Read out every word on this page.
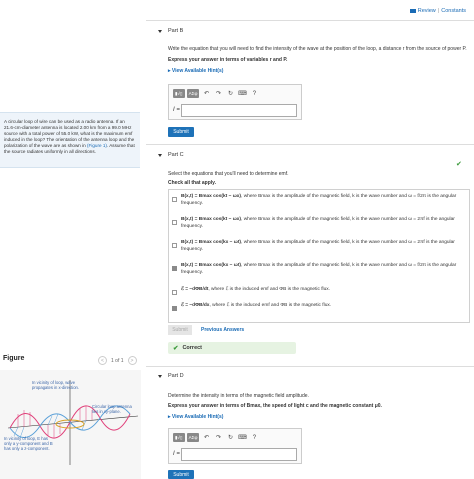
Review | Constants
A circular loop of wire can be used as a radio antenna. If an 21.6-cm-diameter antenna is located 2.00 km from a 99.0 MHz source with a total power of 55.0 kW, what is the maximum emf induced in the loop? The orientation of the antenna loop and the polarization of the wave are as shown in (Figure 1). Assume that the source radiates uniformly in all directions.
Figure	<	1 of 1	>
In vicinity of loop, wave
propagates in x-direction.
Circular loop antenna
lies in xy-plane.
In vicinity of loop, E has
only a y-component and B
has only a z-component.
Part B
Write the equation that you will need to find the intensity of the wave at the position of the loop, a distance r from the source of power P.
Express your answer in terms of variables r and P.
▸ View Available Hint(s)
▮√▯	ΑΣφ	↶	↷	↻ ⌨	?
I =
Submit
Part C
✔
Select the equations that you'll need to determine emf.
Check all that apply.
B(x,t) = Bmax cos(kt − ωx), where Bmax is the amplitude of the magnetic field, k is the wave number and ω = f/2π is the angular frequency.
B(x,t) = Bmax cos(kt − ωx), where Bmax is the amplitude of the magnetic field, k is the wave number and ω = 2πf is the angular frequency.
B(x,t) = Bmax cos(kx − ωt), where Bmax is the amplitude of the magnetic field, k is the wave number and ω = 2πf is the angular frequency.
B(x,t) = Bmax cos(kx − ωt), where Bmax is the amplitude of the magnetic field, k is the wave number and ω = f/2π is the angular frequency.
ℰ = −dΦB/dt, where ℰ is the induced emf and ΦB is the magnetic flux.
ℰ = −dΦB/dx, where ℰ is the induced emf and ΦB is the magnetic flux.
Submit	Previous Answers
✔ Correct
Part D
Determine the intensity in terms of the magnetic field amplitude.
Express your answer in terms of Bmax, the speed of light c and the magnetic constant μ0.
▸ View Available Hint(s)
▮√▯	ΑΣφ	↶	↷	↻ ⌨	?
I =
Submit
